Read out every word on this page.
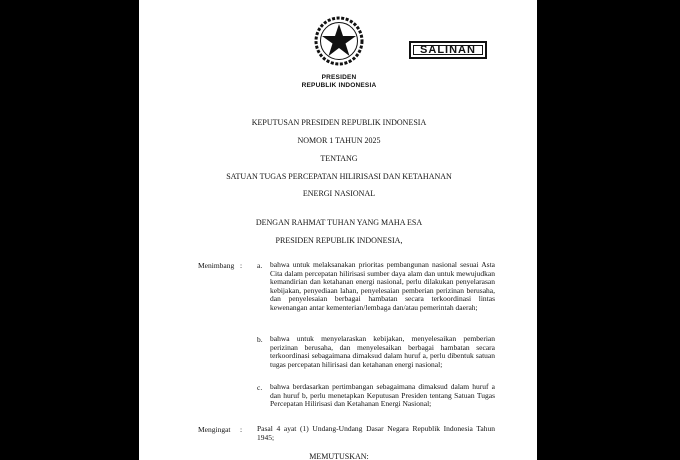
PRESIDEN
REPUBLIK INDONESIA
SALINAN
KEPUTUSAN PRESIDEN REPUBLIK INDONESIA
NOMOR 1 TAHUN 2025
TENTANG
SATUAN TUGAS PERCEPATAN HILIRISASI DAN KETAHANAN
ENERGI NASIONAL
DENGAN RAHMAT TUHAN YANG MAHA ESA
PRESIDEN REPUBLIK INDONESIA,
Menimbang : a. bahwa untuk melaksanakan prioritas pembangunan nasional sesuai Asta Cita dalam percepatan hilirisasi sumber daya alam dan untuk mewujudkan kemandirian dan ketahanan energi nasional, perlu dilakukan penyelarasan kebijakan, penyediaan lahan, penyelesaian pemberian perizinan berusaha, dan penyelesaian berbagai hambatan secara terkoordinasi lintas kewenangan antar kementerian/lembaga dan/atau pemerintah daerah;
b. bahwa untuk menyelaraskan kebijakan, menyelesaikan pemberian perizinan berusaha, dan menyelesaikan berbagai hambatan secara terkoordinasi sebagaimana dimaksud dalam huruf a, perlu dibentuk satuan tugas percepatan hilirisasi dan ketahanan energi nasional;
c. bahwa berdasarkan pertimbangan sebagaimana dimaksud dalam huruf a dan huruf b, perlu menetapkan Keputusan Presiden tentang Satuan Tugas Percepatan Hilirisasi dan Ketahanan Energi Nasional;
Mengingat : Pasal 4 ayat (1) Undang-Undang Dasar Negara Republik Indonesia Tahun 1945;
MEMUTUSKAN:
